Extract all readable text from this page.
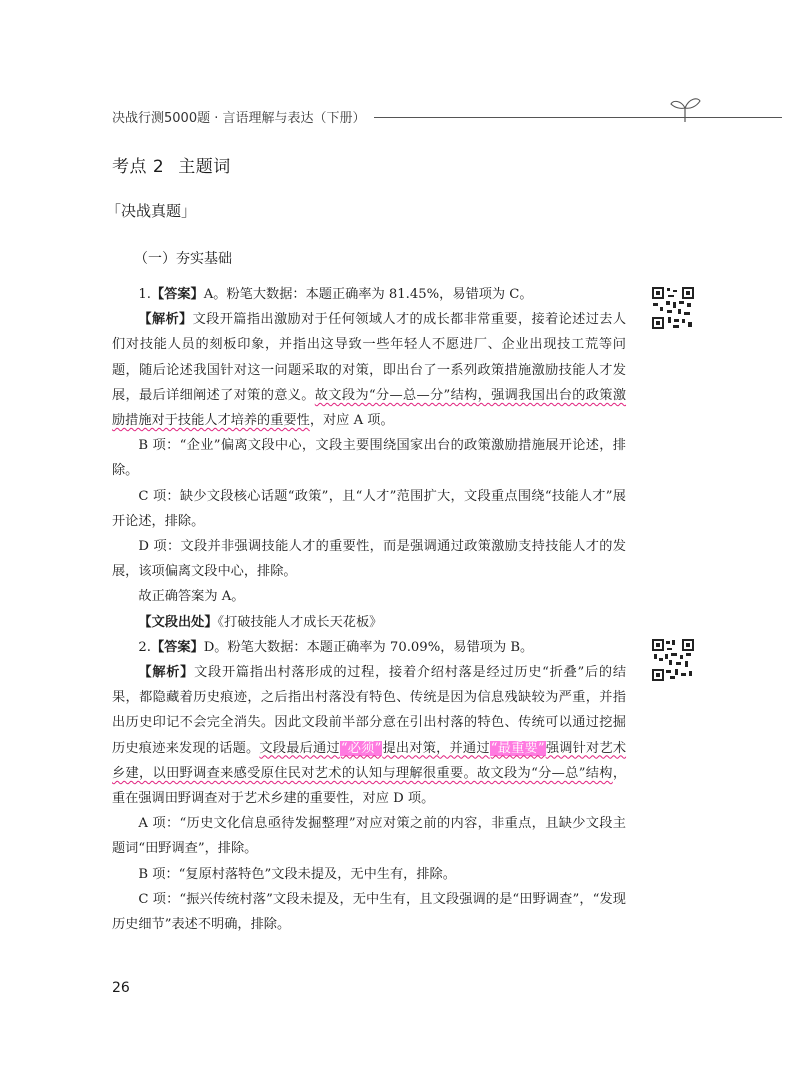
决战行测5000题 · 言语理解与表达（下册）
考点 2 主题词
「决战真题」
（一）夯实基础

1.【答案】A。粉笔大数据：本题正确率为 81.45%，易错项为 C。

【解析】文段开篇指出激励对于任何领域人才的成长都非常重要，接着论述过去人们对技能人员的刻板印象，并指出这导致一些年轻人不愿进厂、企业出现技工荒等问题，随后论述我国针对这一问题采取的对策，即出台了一系列政策措施激励技能人才发展，最后详细阐述了对策的意义。故文段为“分—总—分”结构，强调我国出台的政策激励措施对于技能人才培养的重要性，对应 A 项。

B 项：“企业”偏离文段中心，文段主要围绕国家出台的政策激励措施展开论述，排除。

C 项：缺少文段核心话题“政策”，且“人才”范围扩大，文段重点围绕“技能人才”展开论述，排除。

D 项：文段并非强调技能人才的重要性，而是强调通过政策激励支持技能人才的发展，该项偏离文段中心，排除。

故正确答案为 A。

【文段出处】《打破技能人才成长天花板》

2.【答案】D。粉笔大数据：本题正确率为 70.09%，易错项为 B。

【解析】文段开篇指出村落形成的过程，接着介绍村落是经过历史“折叠”后的结果，都隐藏着历史痕迹，之后指出村落没有特色、传统是因为信息残缺较为严重，并指出历史印记不会完全消失。因此文段前半部分意在引出村落的特色、传统可以通过挖掘历史痕迹来发现的话题。文段最后通过“必须”提出对策，并通过“最重要”强调针对艺术乡建，以田野调查来感受原住民对艺术的认知与理解很重要。故文段为“分—总”结构，重在强调田野调查对于艺术乡建的重要性，对应 D 项。

A 项：“历史文化信息亟待发掘整理”对应对策之前的内容，非重点，且缺少文段主题词“田野调查”，排除。

B 项：“复原村落特色”文段未提及，无中生有，排除。

C 项：“振兴传统村落”文段未提及，无中生有，且文段强调的是“田野调查”，“发现历史细节”表述不明确，排除。

26
